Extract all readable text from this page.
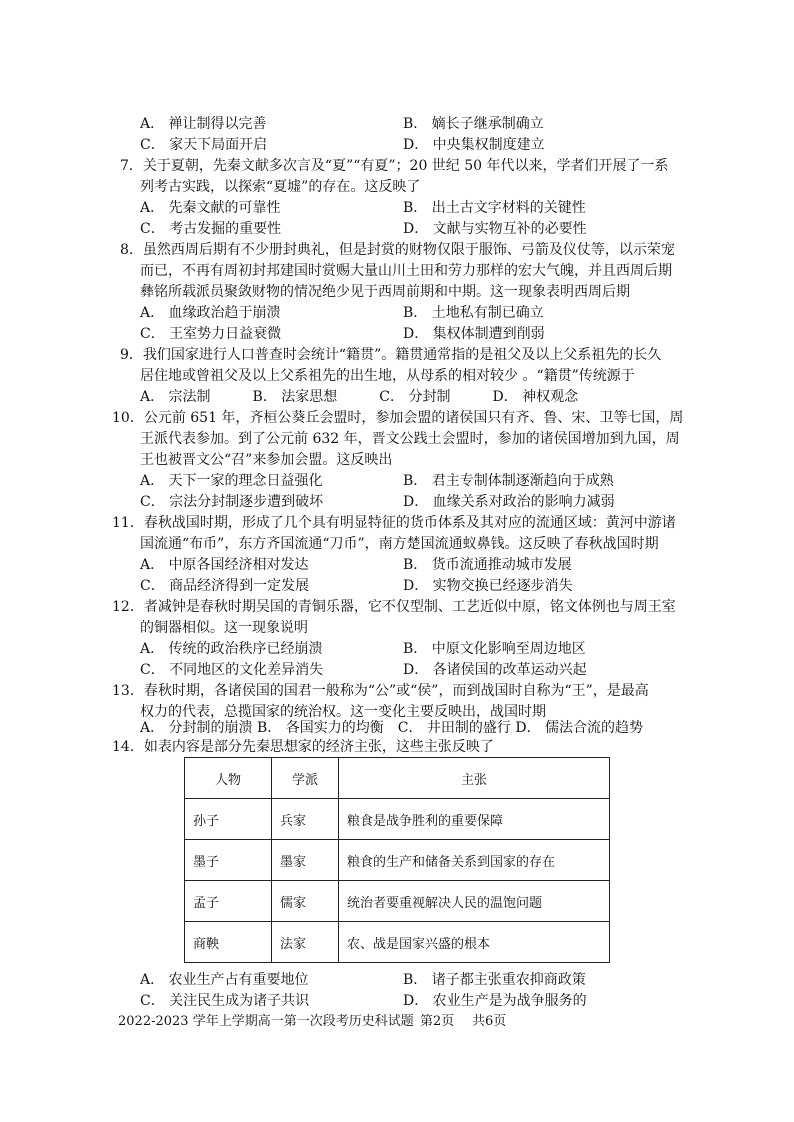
A． 禅让制得以完善	B． 嫡长子继承制确立
C． 家天下局面开启	D． 中央集权制度建立
7．关于夏朝，先秦文献多次言及“夏”“有夏”；20 世纪 50 年代以来，学者们开展了一系
列考古实践，以探索“夏墟”的存在。这反映了
A． 先秦文献的可靠性	B． 出土古文字材料的关键性
C． 考古发掘的重要性	D． 文献与实物互补的必要性
8．虽然西周后期有不少册封典礼，但是封赏的财物仅限于服饰、弓箭及仪仗等，以示荣宠
而已，不再有周初封邦建国时赏赐大量山川土田和劳力那样的宏大气魄，并且西周后期
彝铭所载派员聚敛财物的情况绝少见于西周前期和中期。这一现象表明西周后期
A． 血缘政治趋于崩溃	B． 土地私有制已确立
C． 王室势力日益衰微	D． 集权体制遭到削弱
9．我们国家进行人口普查时会统计“籍贯”。籍贯通常指的是祖父及以上父系祖先的长久
居住地或曾祖父及以上父系祖先的出生地，从母系的相对较少 。“籍贯”传统源于
A． 宗法制　　　B． 法家思想　　　C． 分封制　　　D． 神权观念
10．公元前 651 年，齐桓公葵丘会盟时，参加会盟的诸侯国只有齐、鲁、宋、卫等七国，周
王派代表参加。到了公元前 632 年，晋文公践土会盟时，参加的诸侯国增加到九国，周
王也被晋文公“召”来参加会盟。这反映出
A． 天下一家的理念日益强化	B． 君主专制体制逐渐趋向于成熟
C． 宗法分封制逐步遭到破坏	D． 血缘关系对政治的影响力减弱
11．春秋战国时期，形成了几个具有明显特征的货币体系及其对应的流通区域：黄河中游诸
国流通“布币”，东方齐国流通“刀币”，南方楚国流通蚁鼻钱。这反映了春秋战国时期
A． 中原各国经济相对发达	B． 货币流通推动城市发展
C． 商品经济得到一定发展	D． 实物交换已经逐步消失
12．者减钟是春秋时期吴国的青铜乐器，它不仅型制、工艺近似中原，铭文体例也与周王室
的铜器相似。这一现象说明
A． 传统的政治秩序已经崩溃	B． 中原文化影响至周边地区
C． 不同地区的文化差异消失	D． 各诸侯国的改革运动兴起
13．春秋时期，各诸侯国的国君一般称为“公”或“侯”，而到战国时自称为“王”，是最高
权力的代表，总揽国家的统治权。这一变化主要反映出，战国时期
A． 分封制的崩溃 B． 各国实力的均衡　C． 井田制的盛行 D． 儒法合流的趋势
14．如表内容是部分先秦思想家的经济主张，这些主张反映了
人物	学派	主张
孙子	兵家	粮食是战争胜利的重要保障
墨子	墨家	粮食的生产和储备关系到国家的存在
孟子	儒家	统治者要重视解决人民的温饱问题
商鞅	法家	农、战是国家兴盛的根本
A． 农业生产占有重要地位	B． 诸子都主张重农抑商政策
C． 关注民生成为诸子共识	D． 农业生产是为战争服务的
2022-2023 学年上学期高一第一次段考历史科试题 第2页 共6页
